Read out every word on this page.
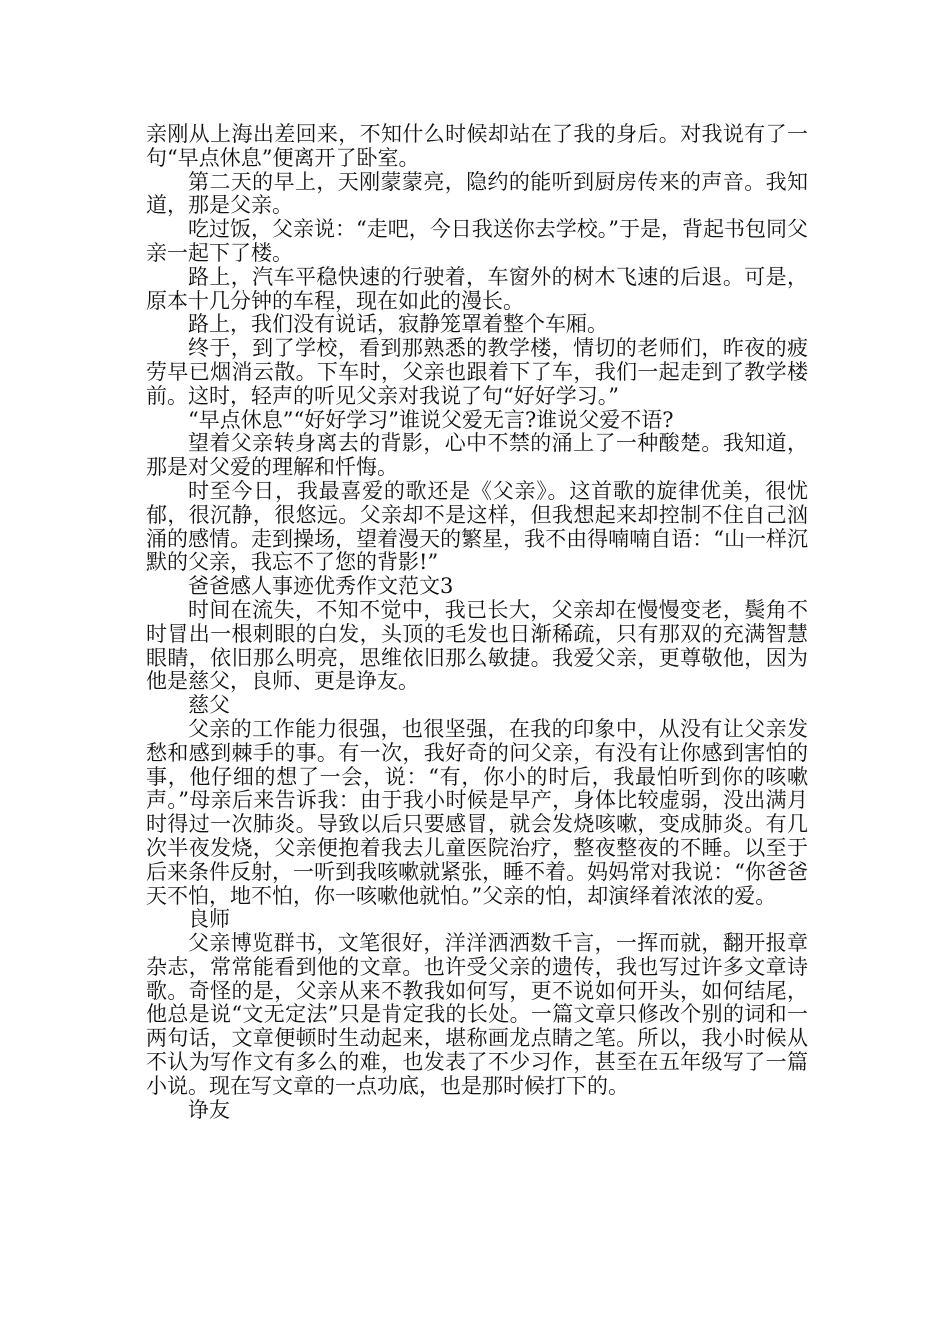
亲刚从上海出差回来，不知什么时候却站在了我的身后。对我说有了一句“早点休息”便离开了卧室。

第二天的早上，天刚蒙蒙亮，隐约的能听到厨房传来的声音。我知道，那是父亲。

吃过饭，父亲说：“走吧，今日我送你去学校。”于是，背起书包同父亲一起下了楼。

路上，汽车平稳快速的行驶着，车窗外的树木飞速的后退。可是，原本十几分钟的车程，现在如此的漫长。

路上，我们没有说话，寂静笼罩着整个车厢。

终于，到了学校，看到那熟悉的教学楼，情切的老师们，昨夜的疲劳早已烟消云散。下车时，父亲也跟着下了车，我们一起走到了教学楼前。这时，轻声的听见父亲对我说了句“好好学习。”

“早点休息”“好好学习”谁说父爱无言?谁说父爱不语?

望着父亲转身离去的背影，心中不禁的涌上了一种酸楚。我知道，那是对父爱的理解和忏悔。

时至今日，我最喜爱的歌还是《父亲》。这首歌的旋律优美，很忧郁，很沉静，很悠远。父亲却不是这样，但我想起来却控制不住自己汹涌的感情。走到操场，望着漫天的繁星，我不由得喃喃自语：“山一样沉默的父亲，我忘不了您的背影!”

爸爸感人事迹优秀作文范文3

时间在流失，不知不觉中，我已长大，父亲却在慢慢变老，鬓角不时冒出一根刺眼的白发，头顶的毛发也日渐稀疏，只有那双的充满智慧眼睛，依旧那么明亮，思维依旧那么敏捷。我爱父亲，更尊敬他，因为他是慈父，良师、更是诤友。

慈父

父亲的工作能力很强，也很坚强，在我的印象中，从没有让父亲发愁和感到棘手的事。有一次，我好奇的问父亲，有没有让你感到害怕的事，他仔细的想了一会，说：“有，你小的时后，我最怕听到你的咳嗽声。”母亲后来告诉我：由于我小时候是早产，身体比较虚弱，没出满月时得过一次肺炎。导致以后只要感冒，就会发烧咳嗽，变成肺炎。有几次半夜发烧，父亲便抱着我去儿童医院治疗，整夜整夜的不睡。以至于后来条件反射，一听到我咳嗽就紧张，睡不着。妈妈常对我说：“你爸爸天不怕，地不怕，你一咳嗽他就怕。”父亲的怕，却演绎着浓浓的爱。

良师

父亲博览群书，文笔很好，洋洋洒洒数千言，一挥而就，翻开报章杂志，常常能看到他的文章。也许受父亲的遗传，我也写过许多文章诗歌。奇怪的是，父亲从来不教我如何写，更不说如何开头，如何结尾，他总是说“文无定法”只是肯定我的长处。一篇文章只修改个别的词和一两句话，文章便顿时生动起来，堪称画龙点睛之笔。所以，我小时候从不认为写作文有多么的难，也发表了不少习作，甚至在五年级写了一篇小说。现在写文章的一点功底，也是那时候打下的。

诤友
